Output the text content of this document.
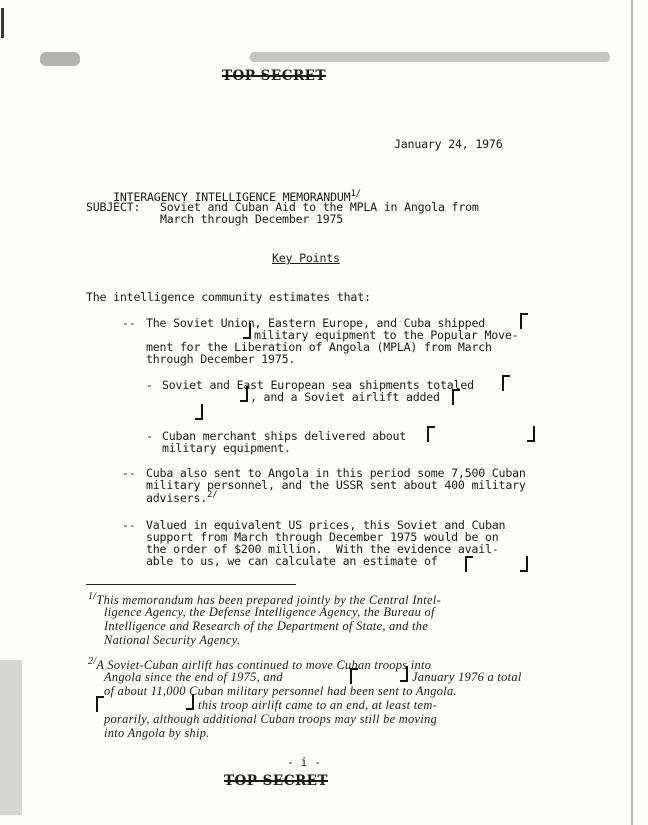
TOP SECRET
January 24, 1976

INTERAGENCY INTELLIGENCE $MEMORANDUM^{1/}$

SUBJECT: Soviet and Cuban Aid to the MPLA in Angola from
March through December 1975
Key Points
The intelligence community estimates that:
-- The Soviet Union, Eastern Europe, and Cuba shipped
military equipment to the Popular Move-
ment for the Liberation of Angola (MPLA) from March
through December 1975.
- Soviet and East European sea shipments totaled
, and a Soviet airlift added
- Cuban merchant ships delivered about
military equipment.
-- Cuba also sent to Angola in this period some 7,500 Cuban
military personnel, and the USSR sent about 400 military
advisers.$^{2/}$
-- Valued in equivalent US prices, this Soviet and Cuban
support from March through December 1975 would be on
the order of $200 million.  With the evidence avail-
able to us, we can calculate an estimate of
$^{1/}$This memorandum has been prepared jointly by the Central Intel-
ligence Agency, the Defense Intelligence Agency, the Bureau of
Intelligence and Research of the Department of State, and the
National Security Agency.
$^{2/}$A Soviet-Cuban airlift has continued to move Cuban troops into
Angola since the end of 1975, and	January 1976 a total
of about 11,000 Cuban military personnel had been sent to Angola.
this troop airlift came to an end, at least tem-
porarily, although additional Cuban troops may still be moving
into Angola by ship.
- i -
TOP SECRET
